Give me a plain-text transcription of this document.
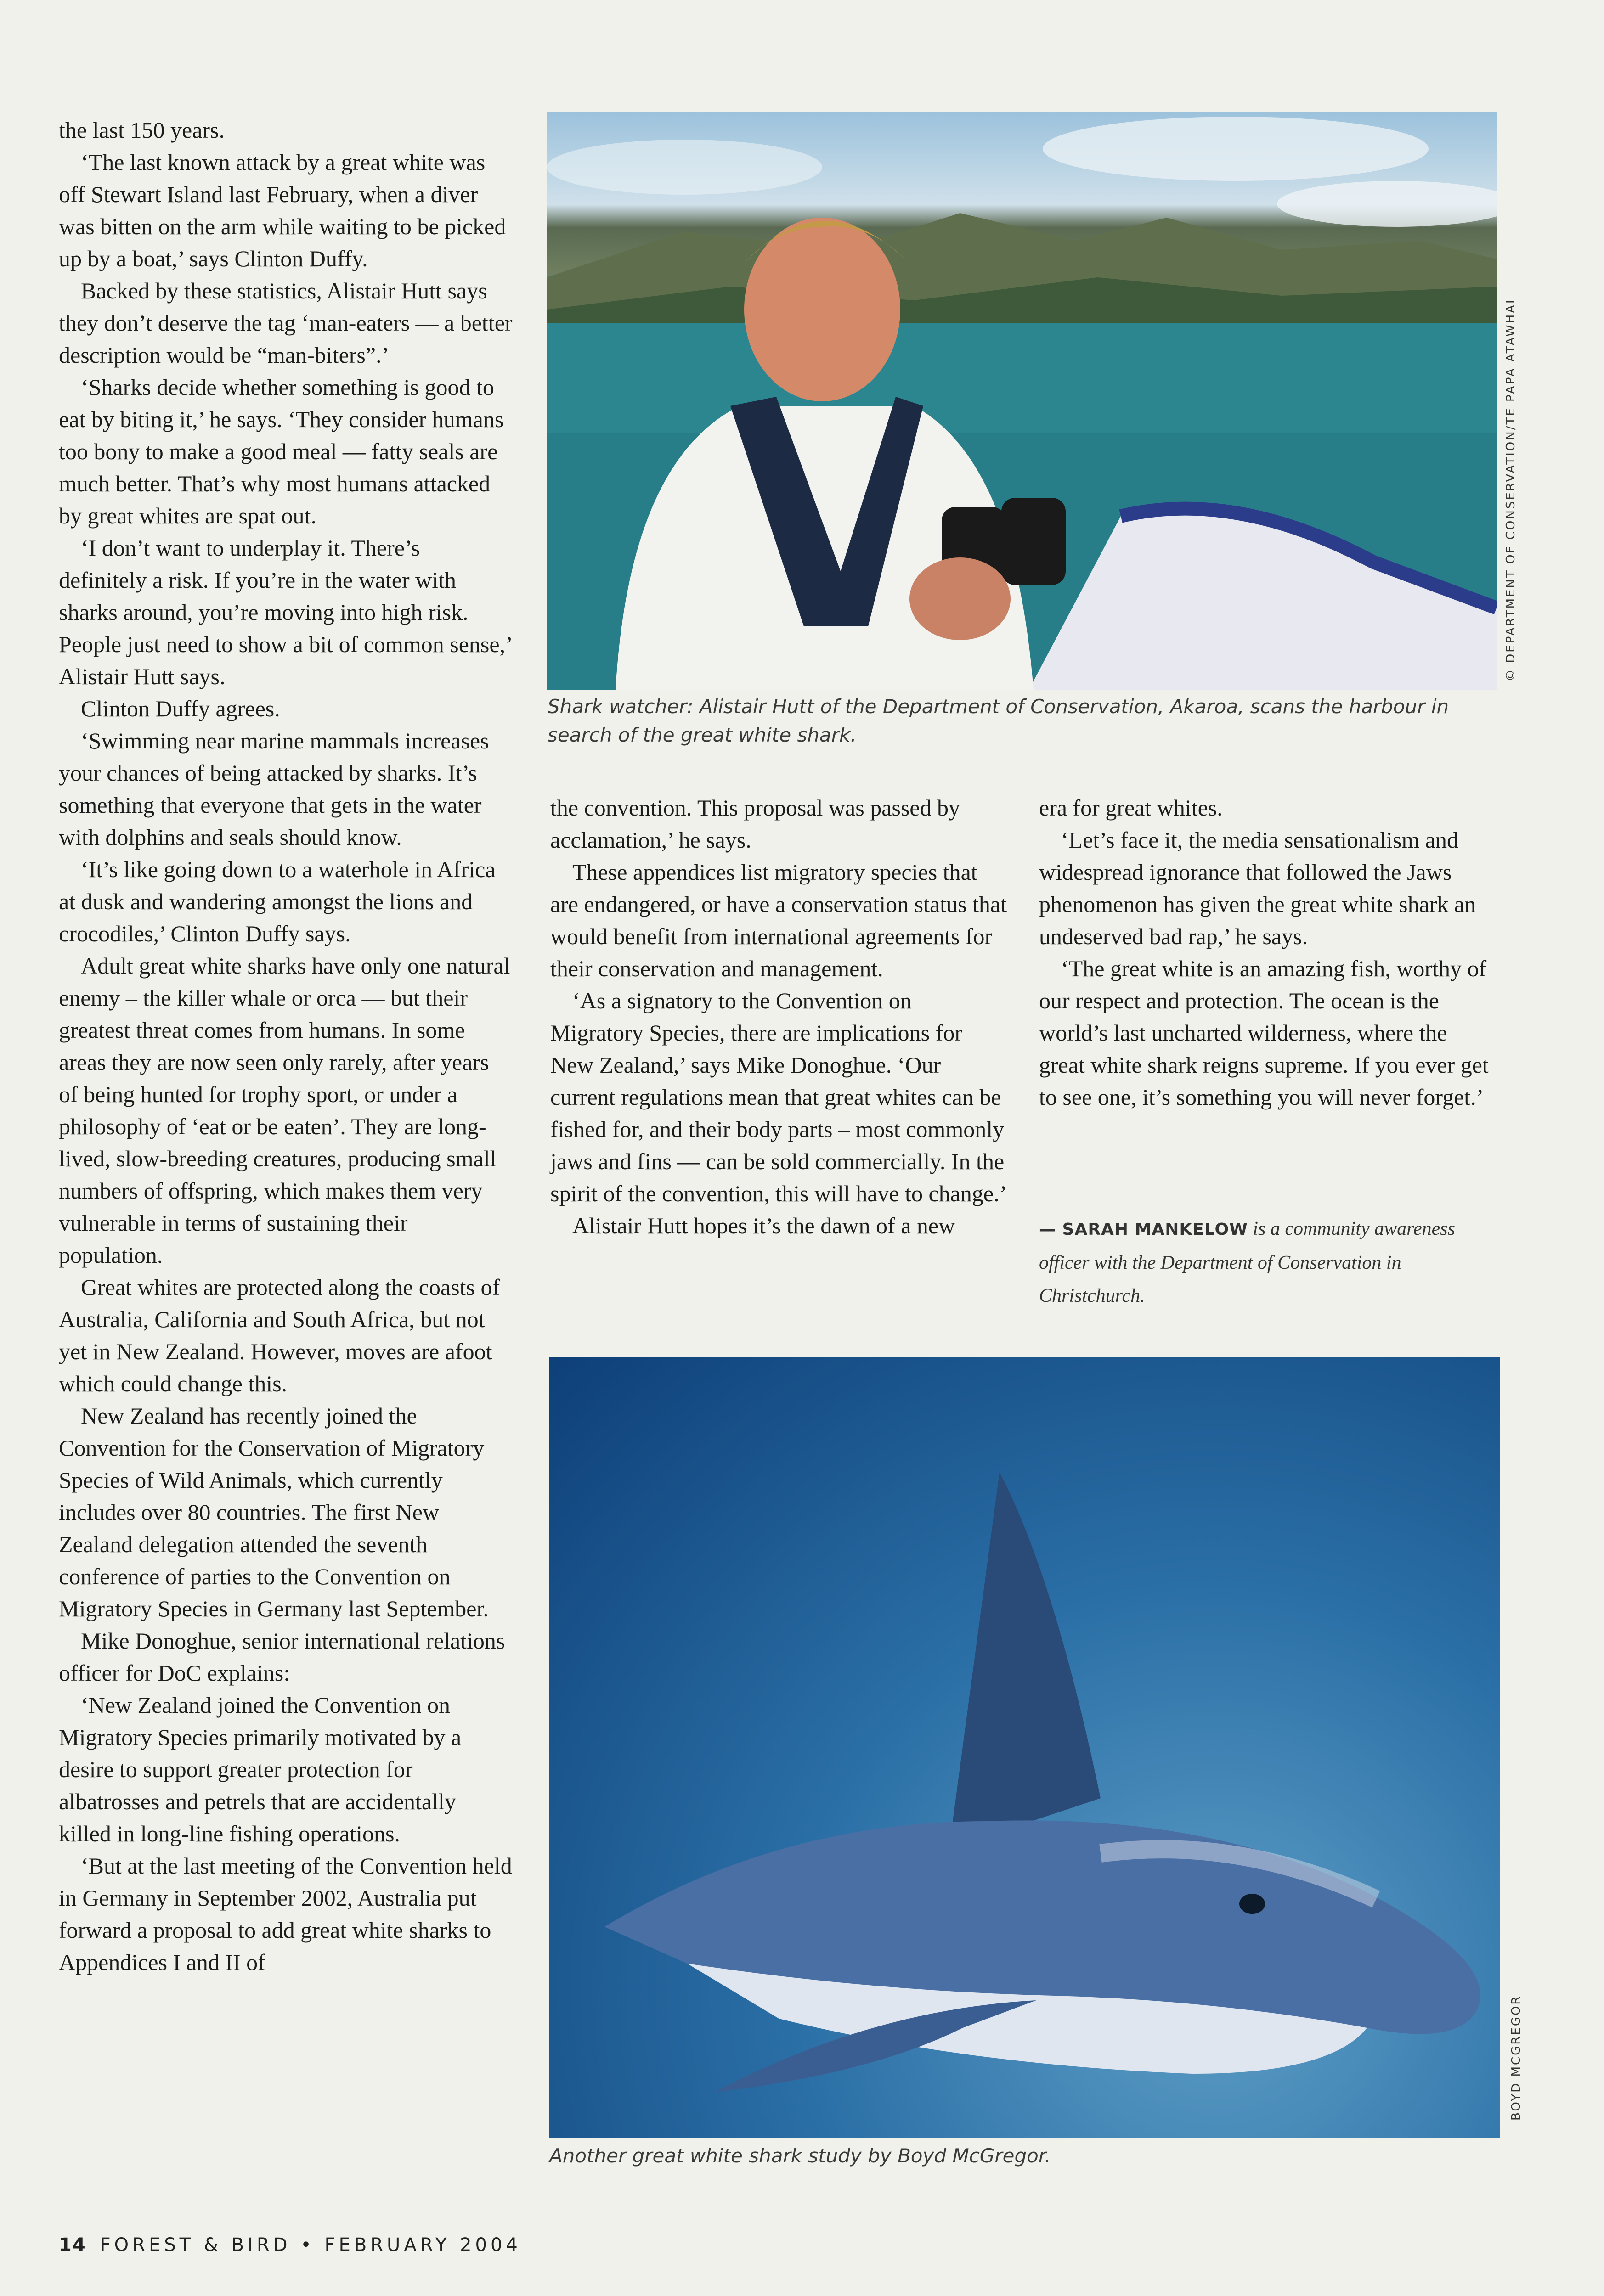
the last 150 years.

‘The last known attack by a great white was off Stewart Island last February, when a diver was bitten on the arm while waiting to be picked up by a boat,’ says Clinton Duffy.

Backed by these statistics, Alistair Hutt says they don’t deserve the tag ‘man-eaters — a better description would be “man-biters”.’

‘Sharks decide whether something is good to eat by biting it,’ he says. ‘They consider humans too bony to make a good meal — fatty seals are much better. That’s why most humans attacked by great whites are spat out.

‘I don’t want to underplay it. There’s definitely a risk. If you’re in the water with sharks around, you’re moving into high risk. People just need to show a bit of common sense,’ Alistair Hutt says.

Clinton Duffy agrees.

‘Swimming near marine mammals increases your chances of being attacked by sharks. It’s something that everyone that gets in the water with dolphins and seals should know.

‘It’s like going down to a waterhole in Africa at dusk and wandering amongst the lions and crocodiles,’ Clinton Duffy says.

Adult great white sharks have only one natural enemy – the killer whale or orca — but their greatest threat comes from humans. In some areas they are now seen only rarely, after years of being hunted for trophy sport, or under a philosophy of ‘eat or be eaten’. They are long-lived, slow-breeding creatures, producing small numbers of offspring, which makes them very vulnerable in terms of sustaining their population.

Great whites are protected along the coasts of Australia, California and South Africa, but not yet in New Zealand. However, moves are afoot which could change this.

New Zealand has recently joined the Convention for the Conservation of Migratory Species of Wild Animals, which currently includes over 80 countries. The first New Zealand delegation attended the seventh conference of parties to the Convention on Migratory Species in Germany last September.

Mike Donoghue, senior international relations officer for DoC explains:

‘New Zealand joined the Convention on Migratory Species primarily motivated by a desire to support greater protection for albatrosses and petrels that are accidentally killed in long-line fishing operations.

‘But at the last meeting of the Convention held in Germany in September 2002, Australia put forward a proposal to add great white sharks to Appendices I and II of

Shark watcher: Alistair Hutt of the Department of Conservation, Akaroa, scans the harbour in search of the great white shark.
© DEPARTMENT OF CONSERVATION/TE PAPA ATAWHAI

the convention. This proposal was passed by acclamation,’ he says.

These appendices list migratory species that are endangered, or have a conservation status that would benefit from international agreements for their conservation and management.

‘As a signatory to the Convention on Migratory Species, there are implications for New Zealand,’ says Mike Donoghue. ‘Our current regulations mean that great whites can be fished for, and their body parts – most commonly jaws and fins — can be sold commercially. In the spirit of the convention, this will have to change.’

Alistair Hutt hopes it’s the dawn of a new

era for great whites.

‘Let’s face it, the media sensationalism and widespread ignorance that followed the Jaws phenomenon has given the great white shark an undeserved bad rap,’ he says.

‘The great white is an amazing fish, worthy of our respect and protection. The ocean is the world’s last uncharted wilderness, where the great white shark reigns supreme. If you ever get to see one, it’s something you will never forget.’

— SARAH MANKELOW is a community awareness officer with the Department of Conservation in Christchurch.
Another great white shark study by Boyd McGregor.
BOYD MCGREGOR
14 FOREST & BIRD • FEBRUARY 2004
